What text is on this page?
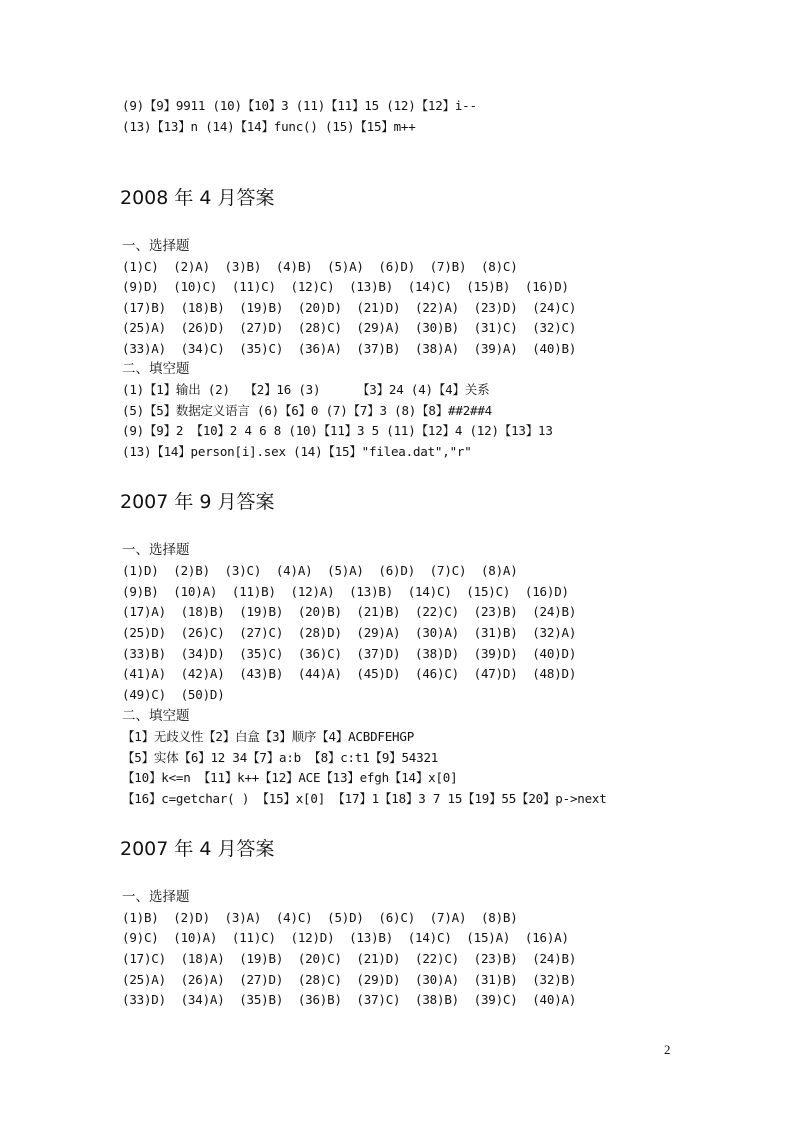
(9)【9】9911 (10)【10】3 (11)【11】15 (12)【12】i--
(13)【13】n (14)【14】func() (15)【15】m++
2008 年 4 月答案
一、选择题
(1)C)  (2)A)  (3)B)  (4)B)  (5)A)  (6)D)  (7)B)  (8)C)
(9)D)  (10)C)  (11)C)  (12)C)  (13)B)  (14)C)  (15)B)  (16)D)
(17)B)  (18)B)  (19)B)  (20)D)  (21)D)  (22)A)  (23)D)  (24)C)
(25)A)  (26)D)  (27)D)  (28)C)  (29)A)  (30)B)  (31)C)  (32)C)
(33)A)  (34)C)  (35)C)  (36)A)  (37)B)  (38)A)  (39)A)  (40)B)
二、填空题
(1)【1】输出 (2)  【2】16 (3)     【3】24 (4)【4】关系
(5)【5】数据定义语言 (6)【6】0 (7)【7】3 (8)【8】##2##4
(9)【9】2 【10】2 4 6 8 (10)【11】3 5 (11)【12】4 (12)【13】13
(13)【14】person[i].sex (14)【15】"filea.dat","r"
2007 年 9 月答案
一、选择题
(1)D)  (2)B)  (3)C)  (4)A)  (5)A)  (6)D)  (7)C)  (8)A)
(9)B)  (10)A)  (11)B)  (12)A)  (13)B)  (14)C)  (15)C)  (16)D)
(17)A)  (18)B)  (19)B)  (20)B)  (21)B)  (22)C)  (23)B)  (24)B)
(25)D)  (26)C)  (27)C)  (28)D)  (29)A)  (30)A)  (31)B)  (32)A)
(33)B)  (34)D)  (35)C)  (36)C)  (37)D)  (38)D)  (39)D)  (40)D)
(41)A)  (42)A)  (43)B)  (44)A)  (45)D)  (46)C)  (47)D)  (48)D)
(49)C)  (50)D)
二、填空题
【1】无歧义性【2】白盒【3】顺序【4】ACBDFEHGP
【5】实体【6】12 34【7】a:b 【8】c:t1【9】54321
【10】k<=n 【11】k++【12】ACE【13】efgh【14】x[0]
【16】c=getchar( ) 【15】x[0] 【17】1【18】3 7 15【19】55【20】p->next
2007 年 4 月答案
一、选择题
(1)B)  (2)D)  (3)A)  (4)C)  (5)D)  (6)C)  (7)A)  (8)B)
(9)C)  (10)A)  (11)C)  (12)D)  (13)B)  (14)C)  (15)A)  (16)A)
(17)C)  (18)A)  (19)B)  (20)C)  (21)D)  (22)C)  (23)B)  (24)B)
(25)A)  (26)A)  (27)D)  (28)C)  (29)D)  (30)A)  (31)B)  (32)B)
(33)D)  (34)A)  (35)B)  (36)B)  (37)C)  (38)B)  (39)C)  (40)A)
2
